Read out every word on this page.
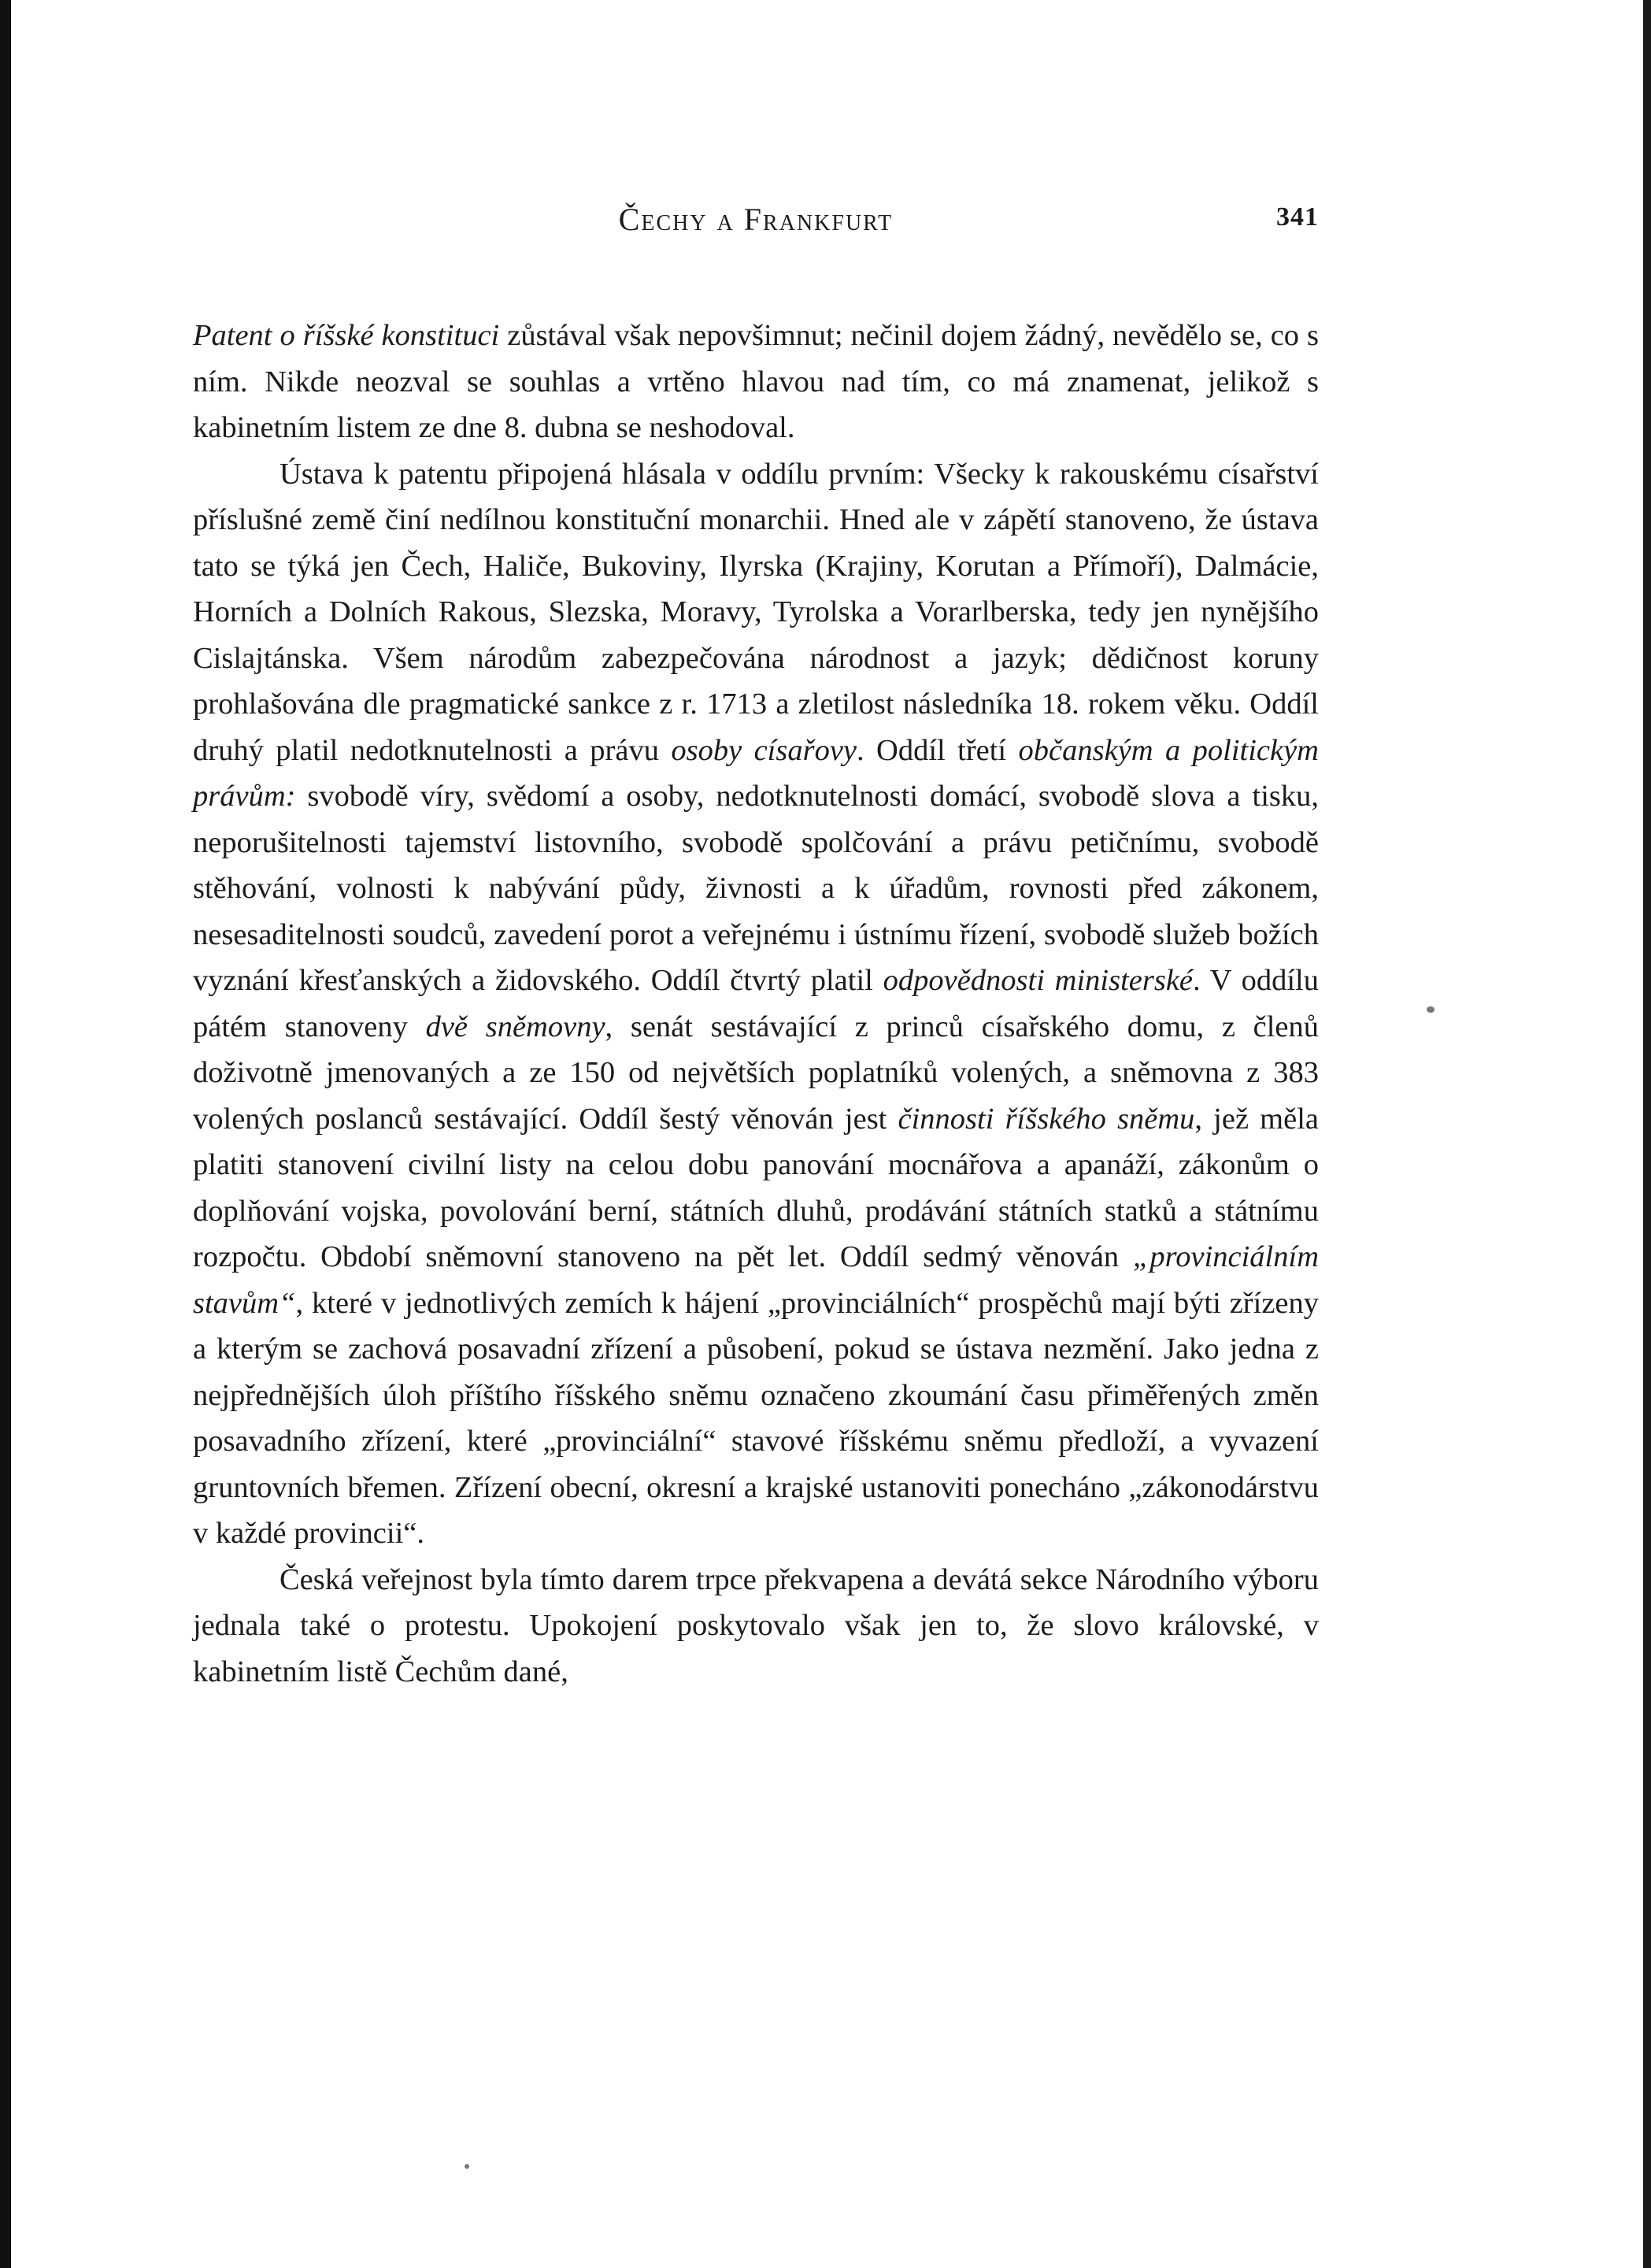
Čechy a Frankfurt	341

Patent o říšské konstituci zůstával však nepovšimnut; nečinil dojem žádný, nevědělo se, co s ním. Nikde neozval se souhlas a vrtěno hlavou nad tím, co má znamenat, jelikož s kabinetním listem ze dne 8. dubna se neshodoval.

Ústava k patentu připojená hlásala v oddílu prvním: Všecky k rakouskému císařství příslušné země činí nedílnou konstituční monarchii. Hned ale v zápětí stanoveno, že ústava tato se týká jen Čech, Haliče, Bukoviny, Ilyrska (Krajiny, Korutan a Přímoří), Dalmácie, Horních a Dolních Rakous, Slezska, Moravy, Tyrolska a Vorarlberska, tedy jen nynějšího Cislajtánska. Všem národům zabezpečována národnost a jazyk; dědičnost koruny prohlašována dle pragmatické sankce z r. 1713 a zletilost následníka 18. rokem věku. Oddíl druhý platil nedotknutelnosti a právu osoby císařovy. Oddíl třetí občanským a politickým právům: svobodě víry, svědomí a osoby, nedotknutelnosti domácí, svobodě slova a tisku, neporušitelnosti tajemství listovního, svobodě spolčování a právu petičnímu, svobodě stěhování, volnosti k nabývání půdy, živnosti a k úřadům, rovnosti před zákonem, nesesaditelnosti soudců, zavedení porot a veřejnému i ústnímu řízení, svobodě služeb božích vyznání křesťanských a židovského. Oddíl čtvrtý platil odpovědnosti ministerské. V oddílu pátém stanoveny dvě sněmovny, senát sestávající z princů císařského domu, z členů doživotně jmenovaných a ze 150 od největších poplatníků volených, a sněmovna z 383 volených poslanců sestávající. Oddíl šestý věnován jest činnosti říšského sněmu, jež měla platiti stanovení civilní listy na celou dobu panování mocnářova a apanáží, zákonům o doplňování vojska, povolování berní, státních dluhů, prodávání státních statků a státnímu rozpočtu. Období sněmovní stanoveno na pět let. Oddíl sedmý věnován „provinciálním stavům“, které v jednotlivých zemích k hájení „provinciálních“ prospěchů mají býti zřízeny a kterým se zachová posavadní zřízení a působení, pokud se ústava nezmění. Jako jedna z nejpřednějších úloh příštího říšského sněmu označeno zkoumání času přiměřených změn posavadního zřízení, které „provinciální“ stavové říšskému sněmu předloží, a vyvazení gruntovních břemen. Zřízení obecní, okresní a krajské ustanoviti ponecháno „zákonodárstvu v každé provincii“.

Česká veřejnost byla tímto darem trpce překvapena a devátá sekce Národního výboru jednala také o protestu. Upokojení poskytovalo však jen to, že slovo královské, v kabinetním listě Čechům dané,
